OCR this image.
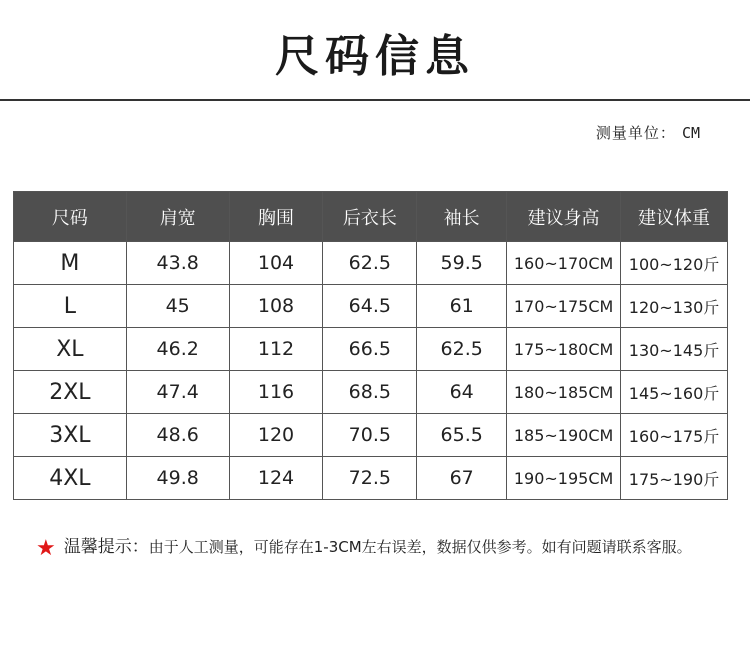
尺码信息
测量单位： CM
尺码	肩宽	胸围	后衣长	袖长	建议身高	建议体重
M	43.8	104	62.5	59.5	160~170CM	100~120斤
L	45	108	64.5	61	170~175CM	120~130斤
XL	46.2	112	66.5	62.5	175~180CM	130~145斤
2XL	47.4	116	68.5	64	180~185CM	145~160斤
3XL	48.6	120	70.5	65.5	185~190CM	160~175斤
4XL	49.8	124	72.5	67	190~195CM	175~190斤
★ 温馨提示：由于人工测量，可能存在1-3CM左右误差，数据仅供参考。如有问题请联系客服。
